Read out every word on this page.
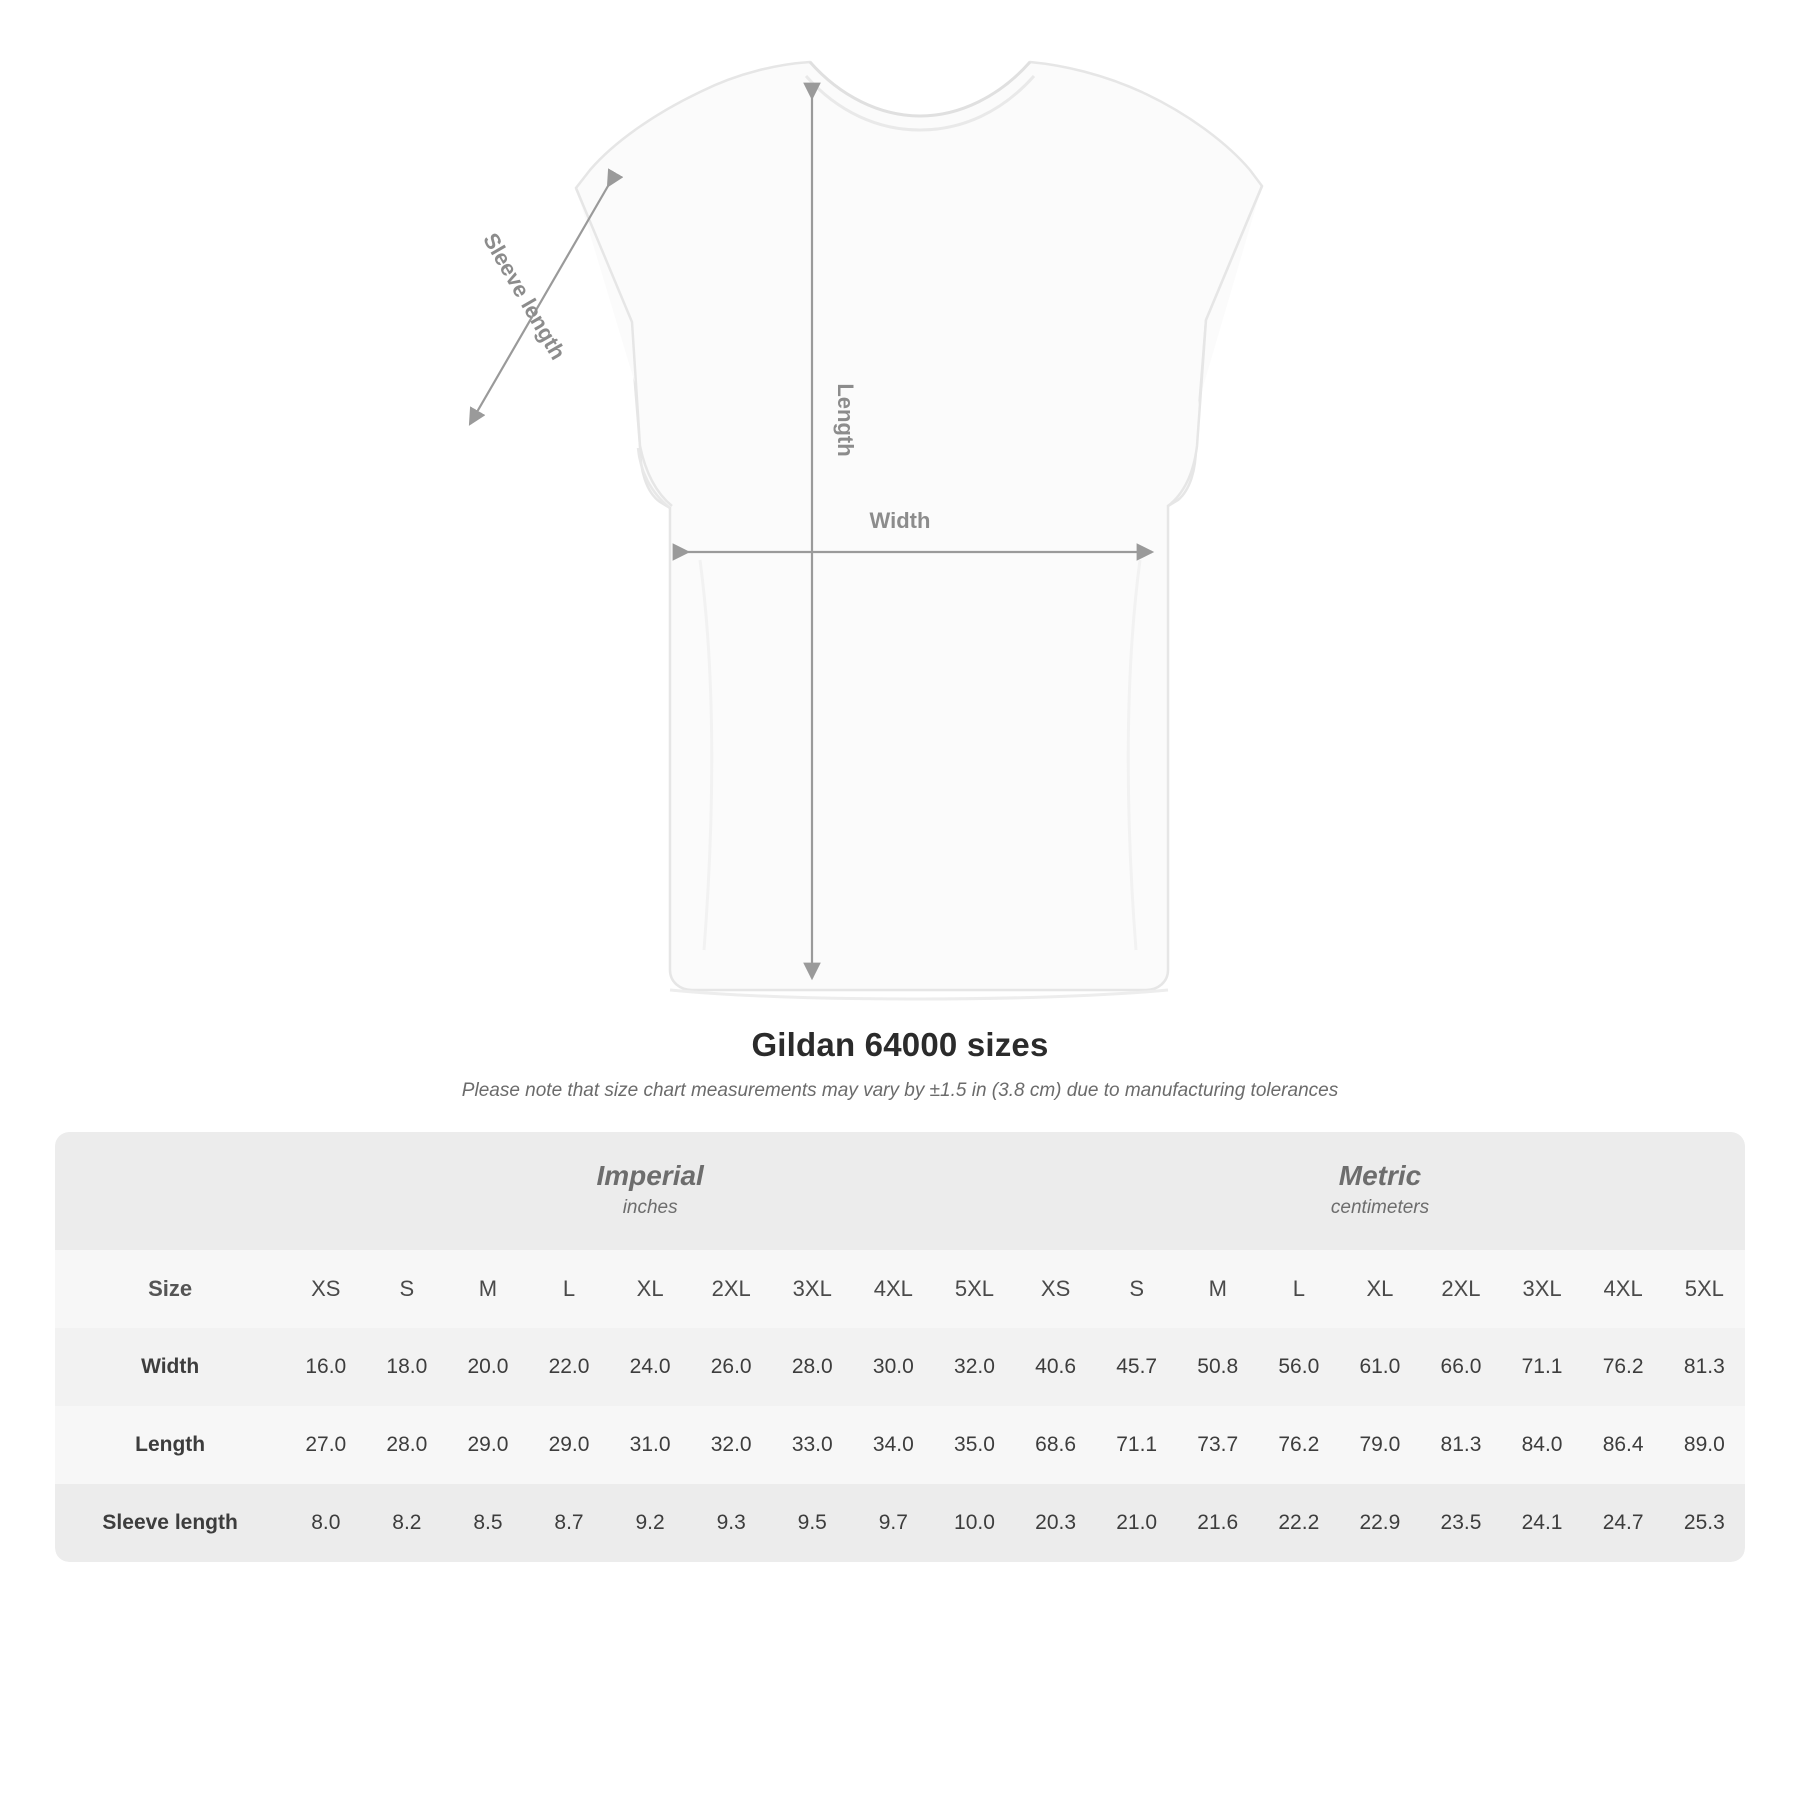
Length
Width
Sleeve length
Gildan 64000 sizes
Please note that size chart measurements may vary by ±1.5 in (3.8 cm) due to manufacturing tolerances

Imperial
inches

Metric
centimeters

Size	XS	S	M	L	XL	2XL	3XL	4XL	5XL	XS	S	M	L	XL	2XL	3XL	4XL	5XL
Width	16.0	18.0	20.0	22.0	24.0	26.0	28.0	30.0	32.0	40.6	45.7	50.8	56.0	61.0	66.0	71.1	76.2	81.3
Length	27.0	28.0	29.0	29.0	31.0	32.0	33.0	34.0	35.0	68.6	71.1	73.7	76.2	79.0	81.3	84.0	86.4	89.0
Sleeve length	8.0	8.2	8.5	8.7	9.2	9.3	9.5	9.7	10.0	20.3	21.0	21.6	22.2	22.9	23.5	24.1	24.7	25.3
